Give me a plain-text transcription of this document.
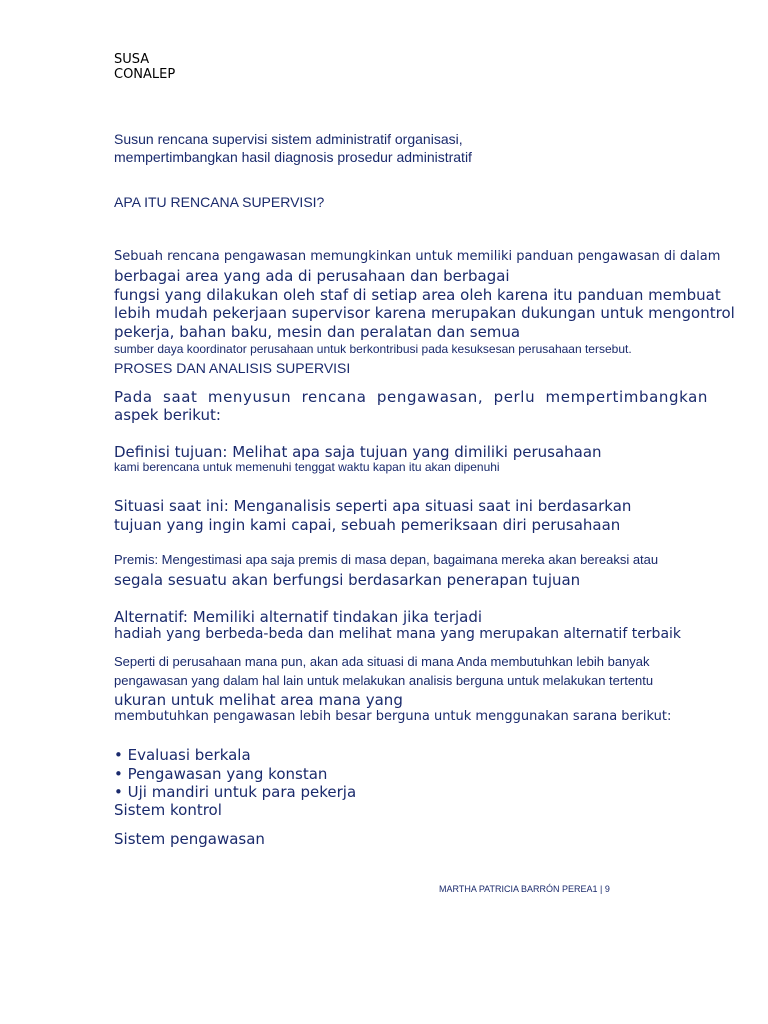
SUSA

CONALEP

Susun rencana supervisi sistem administratif organisasi,

mempertimbangkan hasil diagnosis prosedur administratif

APA ITU RENCANA SUPERVISI?

Sebuah rencana pengawasan memungkinkan untuk memiliki panduan pengawasan di dalam

berbagai area yang ada di perusahaan dan berbagai

fungsi yang dilakukan oleh staf di setiap area oleh karena itu panduan membuat

lebih mudah pekerjaan supervisor karena merupakan dukungan untuk mengontrol

pekerja, bahan baku, mesin dan peralatan dan semua

sumber daya koordinator perusahaan untuk berkontribusi pada kesuksesan perusahaan tersebut.

PROSES DAN ANALISIS SUPERVISI

Pada saat menyusun rencana pengawasan, perlu mempertimbangkan

aspek berikut:

Definisi tujuan: Melihat apa saja tujuan yang dimiliki perusahaan

kami berencana untuk memenuhi tenggat waktu kapan itu akan dipenuhi

Situasi saat ini: Menganalisis seperti apa situasi saat ini berdasarkan

tujuan yang ingin kami capai, sebuah pemeriksaan diri perusahaan

Premis: Mengestimasi apa saja premis di masa depan, bagaimana mereka akan bereaksi atau

segala sesuatu akan berfungsi berdasarkan penerapan tujuan

Alternatif: Memiliki alternatif tindakan jika terjadi

hadiah yang berbeda-beda dan melihat mana yang merupakan alternatif terbaik

Seperti di perusahaan mana pun, akan ada situasi di mana Anda membutuhkan lebih banyak

pengawasan yang dalam hal lain untuk melakukan analisis berguna untuk melakukan tertentu

ukuran untuk melihat area mana yang

membutuhkan pengawasan lebih besar berguna untuk menggunakan sarana berikut:

• Evaluasi berkala

• Pengawasan yang konstan

• Uji mandiri untuk para pekerja

Sistem kontrol

Sistem pengawasan

MARTHA PATRICIA BARRÓN PEREA1 | 9
